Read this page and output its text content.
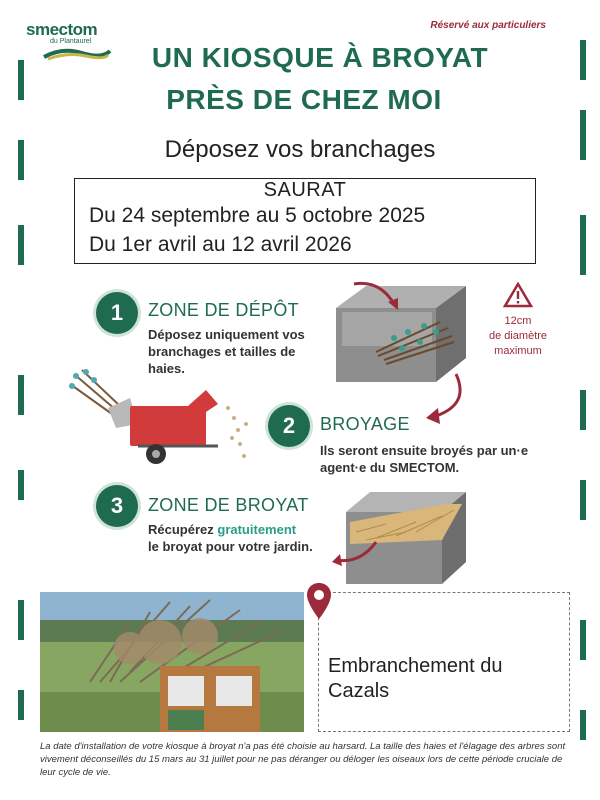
smectom
du Plantaurel
Réservé aux particuliers
UN KIOSQUE À BROYAT
PRÈS DE CHEZ MOI
Déposez vos branchages
SAURAT
Du 24 septembre au 5 octobre 2025
Du 1er avril au 12 avril 2026
1	ZONE DE DÉPÔT
Déposez uniquement vos branchages et tailles de haies.
12cm
de diamètre
maximum
2	BROYAGE
Ils seront ensuite broyés par un·e agent·e du SMECTOM.
3	ZONE DE BROYAT
Récupérez gratuitement
le broyat pour votre jardin.
Embranchement du
Cazals
La date d'installation de votre kiosque à broyat n'a pas été choisie au harsard. La taille des haies et l'élagage des arbres sont vivement déconseillés du 15 mars au 31 juillet pour ne pas déranger ou déloger les oiseaux lors de cette période cruciale de leur cycle de vie.
